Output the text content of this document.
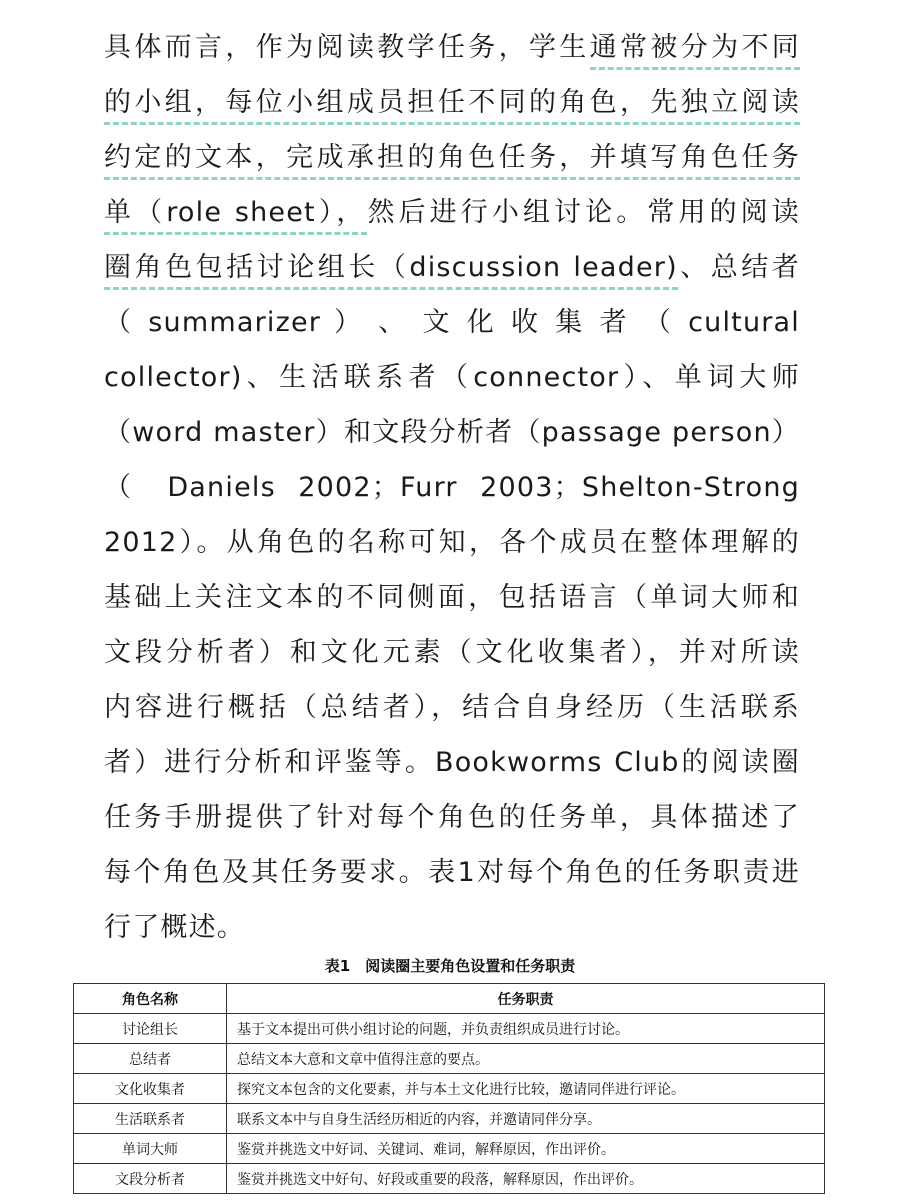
具体而言，作为阅读教学任务，学生通常被分为不同
的小组，每位小组成员担任不同的角色，先独立阅读
约定的文本，完成承担的角色任务，并填写角色任务
单（role sheet），然后进行小组讨论。常用的阅读
圈角色包括讨论组长（discussion leader)、总结者
（ summarizer ） 、 文 化 收 集 者 （ cultural
collector)、生活联系者（connector）、单词大师
（word master）和文段分析者（passage person）
（ Daniels 2002；Furr 2003；Shelton-Strong
2012）。从角色的名称可知，各个成员在整体理解的
基础上关注文本的不同侧面，包括语言（单词大师和
文段分析者）和文化元素（文化收集者），并对所读
内容进行概括（总结者），结合自身经历（生活联系
者）进行分析和评鉴等。Bookworms Club的阅读圈
任务手册提供了针对每个角色的任务单，具体描述了
每个角色及其任务要求。表1对每个角色的任务职责进
行了概述。
表1　阅读圈主要角色设置和任务职责
角色名称	任务职责
讨论组长	基于文本提出可供小组讨论的问题，并负责组织成员进行讨论。
总结者	总结文本大意和文章中值得注意的要点。
文化收集者	探究文本包含的文化要素，并与本土文化进行比较，邀请同伴进行评论。
生活联系者	联系文本中与自身生活经历相近的内容，并邀请同伴分享。
单词大师	鉴赏并挑选文中好词、关键词、难词，解释原因，作出评价。
文段分析者	鉴赏并挑选文中好句、好段或重要的段落，解释原因，作出评价。
